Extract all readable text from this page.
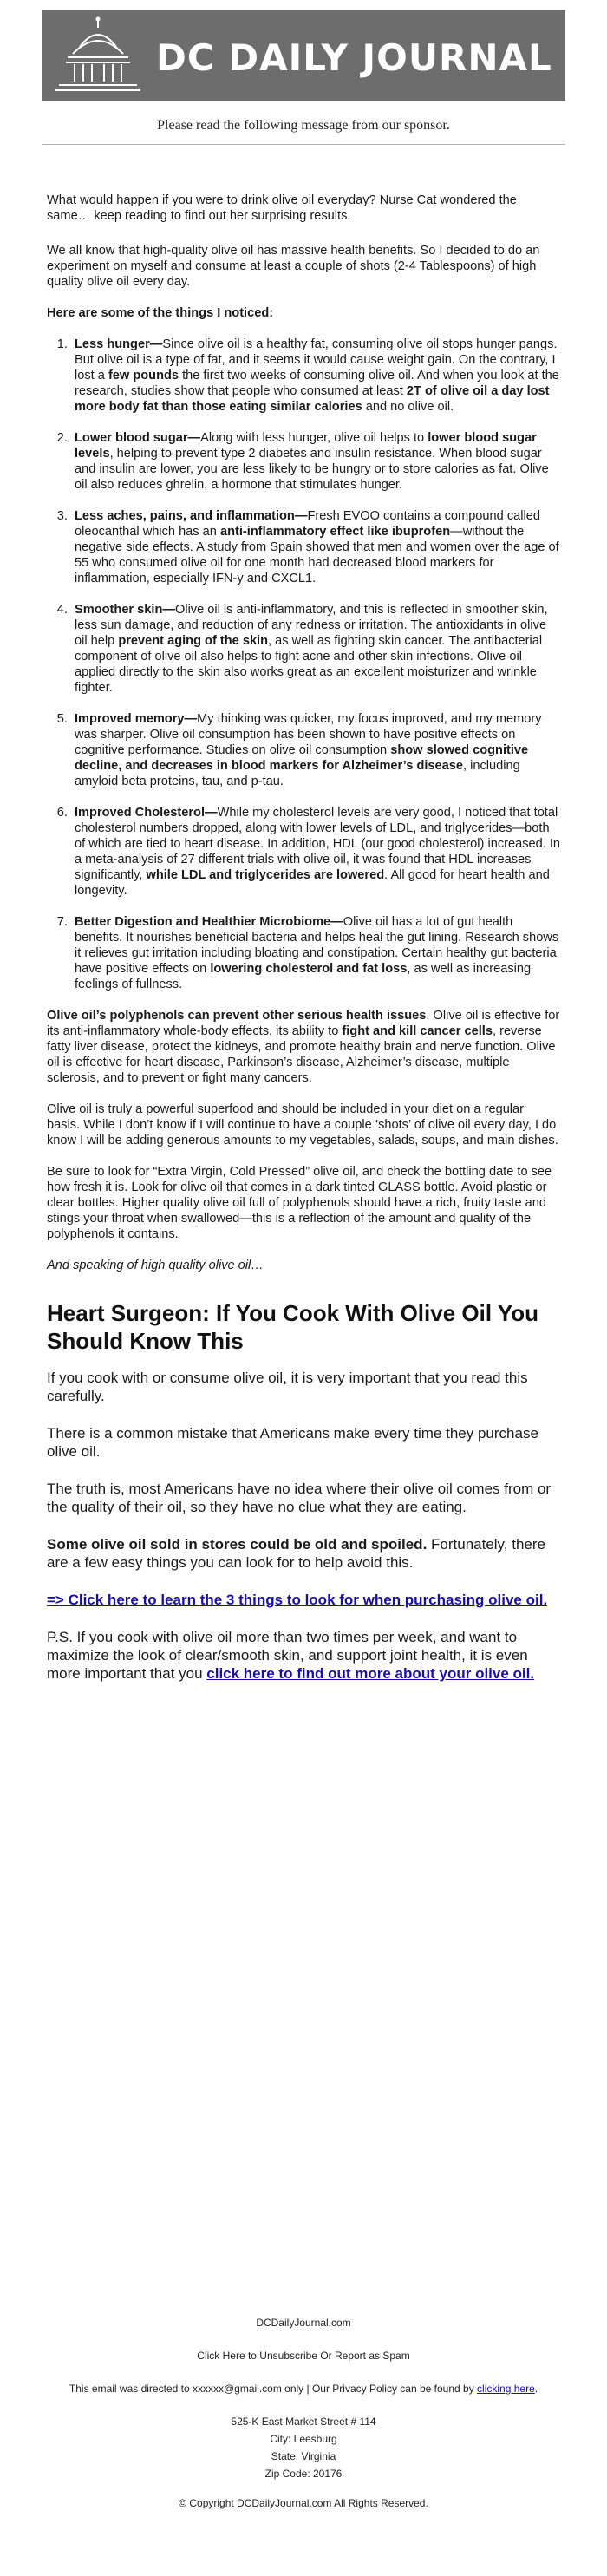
DC DAILY JOURNAL
Please read the following message from our sponsor.

What would happen if you were to drink olive oil everyday? Nurse Cat wondered the same… keep reading to find out her surprising results.

We all know that high-quality olive oil has massive health benefits. So I decided to do an experiment on myself and consume at least a couple of shots (2-4 Tablespoons) of high quality olive oil every day.

Here are some of the things I noticed:

1. Less hunger—Since olive oil is a healthy fat, consuming olive oil stops hunger pangs. But olive oil is a type of fat, and it seems it would cause weight gain. On the contrary, I lost a few pounds the first two weeks of consuming olive oil. And when you look at the research, studies show that people who consumed at least 2T of olive oil a day lost more body fat than those eating similar calories and no olive oil.
2. Lower blood sugar—Along with less hunger, olive oil helps to lower blood sugar levels, helping to prevent type 2 diabetes and insulin resistance. When blood sugar and insulin are lower, you are less likely to be hungry or to store calories as fat. Olive oil also reduces ghrelin, a hormone that stimulates hunger.
3. Less aches, pains, and inflammation—Fresh EVOO contains a compound called oleocanthal which has an anti-inflammatory effect like ibuprofen—without the negative side effects. A study from Spain showed that men and women over the age of 55 who consumed olive oil for one month had decreased blood markers for inflammation, especially IFN-y and CXCL1.
4. Smoother skin—Olive oil is anti-inflammatory, and this is reflected in smoother skin, less sun damage, and reduction of any redness or irritation. The antioxidants in olive oil help prevent aging of the skin, as well as fighting skin cancer. The antibacterial component of olive oil also helps to fight acne and other skin infections. Olive oil applied directly to the skin also works great as an excellent moisturizer and wrinkle fighter.
5. Improved memory—My thinking was quicker, my focus improved, and my memory was sharper. Olive oil consumption has been shown to have positive effects on cognitive performance. Studies on olive oil consumption show slowed cognitive decline, and decreases in blood markers for Alzheimer’s disease, including amyloid beta proteins, tau, and p-tau.
6. Improved Cholesterol—While my cholesterol levels are very good, I noticed that total cholesterol numbers dropped, along with lower levels of LDL, and triglycerides—both of which are tied to heart disease. In addition, HDL (our good cholesterol) increased. In a meta-analysis of 27 different trials with olive oil, it was found that HDL increases significantly, while LDL and triglycerides are lowered. All good for heart health and longevity.
7. Better Digestion and Healthier Microbiome—Olive oil has a lot of gut health benefits. It nourishes beneficial bacteria and helps heal the gut lining. Research shows it relieves gut irritation including bloating and constipation. Certain healthy gut bacteria have positive effects on lowering cholesterol and fat loss, as well as increasing feelings of fullness.

Olive oil’s polyphenols can prevent other serious health issues. Olive oil is effective for its anti-inflammatory whole-body effects, its ability to fight and kill cancer cells, reverse fatty liver disease, protect the kidneys, and promote healthy brain and nerve function. Olive oil is effective for heart disease, Parkinson’s disease, Alzheimer’s disease, multiple sclerosis, and to prevent or fight many cancers.

Olive oil is truly a powerful superfood and should be included in your diet on a regular basis. While I don’t know if I will continue to have a couple ‘shots’ of olive oil every day, I do know I will be adding generous amounts to my vegetables, salads, soups, and main dishes.

Be sure to look for “Extra Virgin, Cold Pressed” olive oil, and check the bottling date to see how fresh it is. Look for olive oil that comes in a dark tinted GLASS bottle. Avoid plastic or clear bottles. Higher quality olive oil full of polyphenols should have a rich, fruity taste and stings your throat when swallowed—this is a reflection of the amount and quality of the polyphenols it contains.

And speaking of high quality olive oil…

Heart Surgeon: If You Cook With Olive Oil You Should Know This

If you cook with or consume olive oil, it is very important that you read this carefully.

There is a common mistake that Americans make every time they purchase olive oil.

The truth is, most Americans have no idea where their olive oil comes from or the quality of their oil, so they have no clue what they are eating.

Some olive oil sold in stores could be old and spoiled. Fortunately, there are a few easy things you can look for to help avoid this.

=> Click here to learn the 3 things to look for when purchasing olive oil.

P.S. If you cook with olive oil more than two times per week, and want to maximize the look of clear/smooth skin, and support joint health, it is even more important that you click here to find out more about your olive oil.

DCDailyJournal.com

Click Here to Unsubscribe Or Report as Spam

This email was directed to xxxxxx@gmail.com only | Our Privacy Policy can be found by clicking here.

525-K East Market Street # 114

City: Leesburg

State: Virginia

Zip Code: 20176

© Copyright DCDailyJournal.com All Rights Reserved.
